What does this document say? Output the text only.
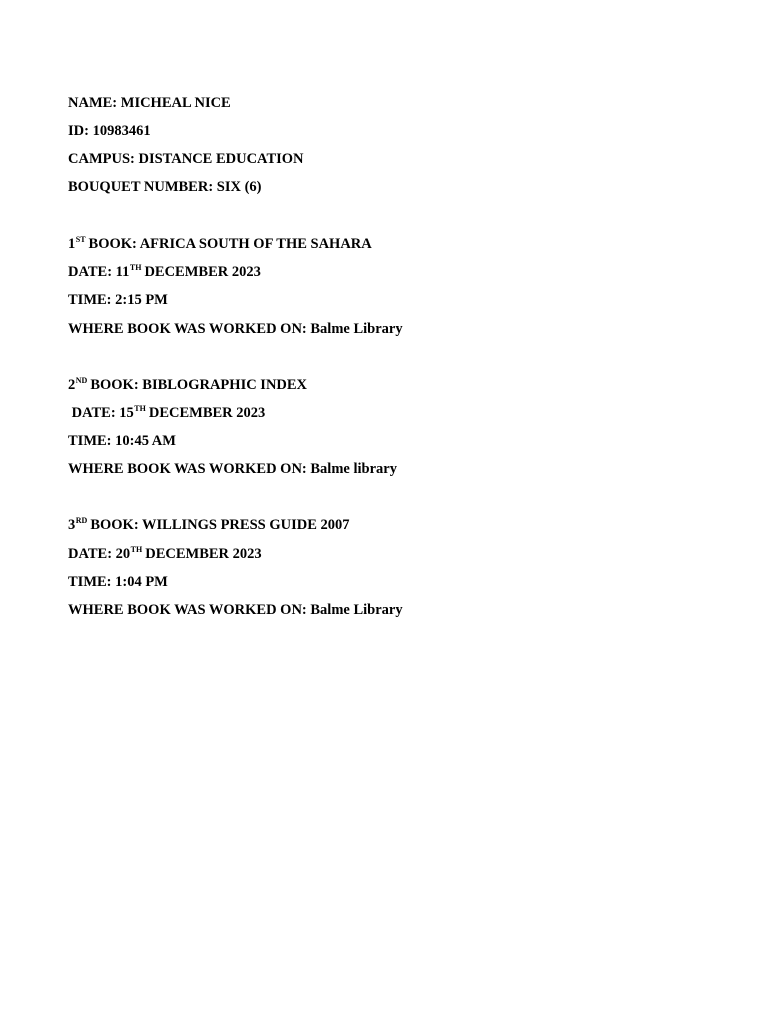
NAME: MICHEAL NICE
ID: 10983461
CAMPUS: DISTANCE EDUCATION
BOUQUET NUMBER: SIX (6)
1ST BOOK: AFRICA SOUTH OF THE SAHARA
DATE: 11TH DECEMBER 2023
TIME: 2:15 PM
WHERE BOOK WAS WORKED ON: Balme Library
2ND BOOK: BIBLOGRAPHIC INDEX
DATE: 15TH DECEMBER 2023
TIME: 10:45 AM
WHERE BOOK WAS WORKED ON: Balme library
3RD BOOK: WILLINGS PRESS GUIDE 2007
DATE: 20TH DECEMBER 2023
TIME: 1:04 PM
WHERE BOOK WAS WORKED ON: Balme Library
